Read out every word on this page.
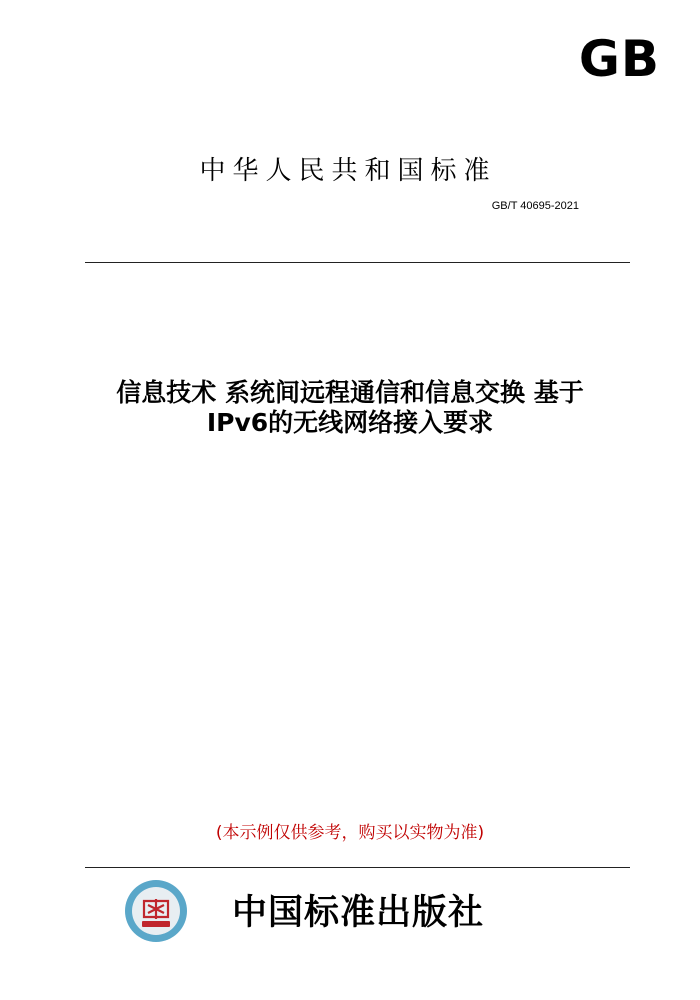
GB
中华人民共和国标准
GB/T 40695-2021
信息技术 系统间远程通信和信息交换 基于
IPv6的无线网络接入要求
(本示例仅供参考，购买以实物为准)
中国标准出版社
